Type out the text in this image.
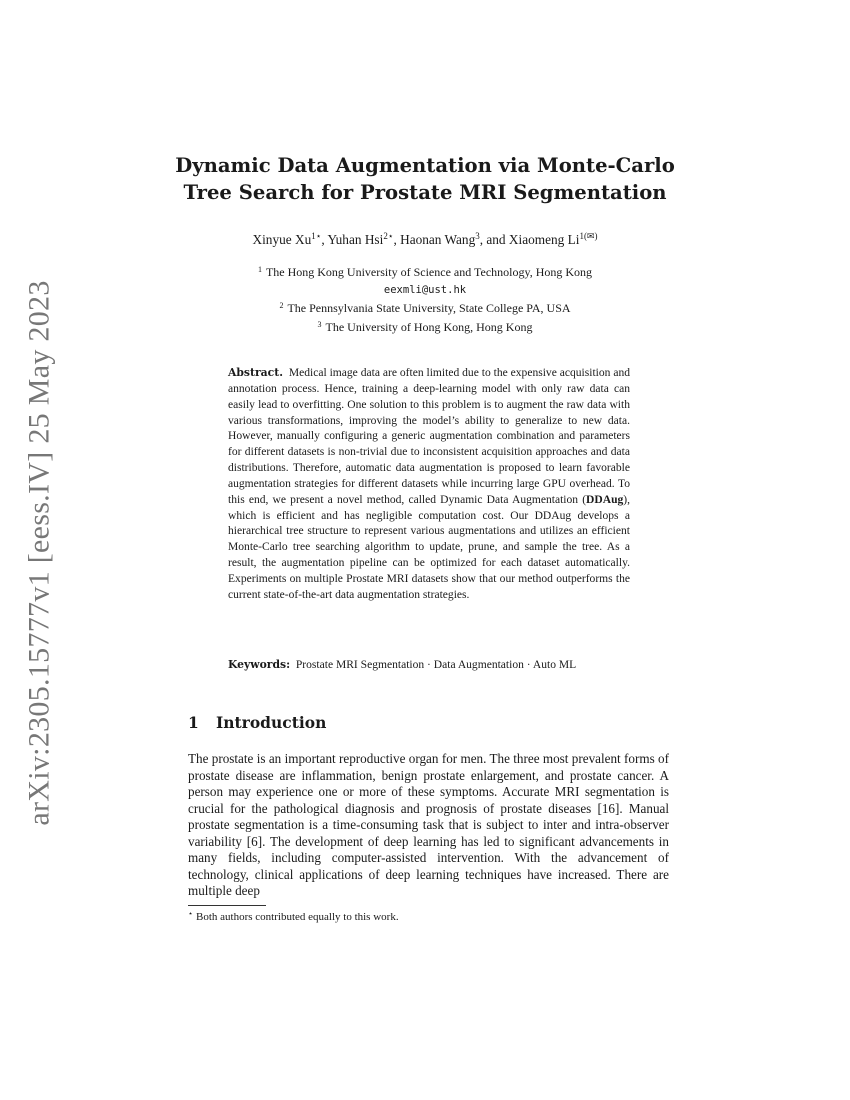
arXiv:2305.15777v1 [eess.IV] 25 May 2023
Dynamic Data Augmentation via Monte-Carlo
Tree Search for Prostate MRI Segmentation
Xinyue $Xu^{1⋆}$, Yuhan Hsi$^{2⋆}$, Haonan Wang$^3$, and Xiaomeng $Li^{1(✉)}$
$^1$ The Hong Kong University of Science and Technology, Hong Kong
eexmli@ust.hk
$^2$ The Pennsylvania State University, State College PA, USA
$^3$ The University of Hong Kong, Hong Kong

Abstract. Medical image data are often limited due to the expensive acquisition and annotation process. Hence, training a deep-learning model with only raw data can easily lead to overfitting. One solution to this problem is to augment the raw data with various transformations, improving the model’s ability to generalize to new data. However, manually configuring a generic augmentation combination and parameters for different datasets is non-trivial due to inconsistent acquisition approaches and data distributions. Therefore, automatic data augmentation is proposed to learn favorable augmentation strategies for different datasets while incurring large GPU overhead. To this end, we present a novel method, called Dynamic Data Augmentation (DDAug), which is efficient and has negligible computation cost. Our DDAug develops a hierarchical tree structure to represent various augmentations and utilizes an efficient Monte-Carlo tree searching algorithm to update, prune, and sample the tree. As a result, the augmentation pipeline can be optimized for each dataset automatically. Experiments on multiple Prostate MRI datasets show that our method outperforms the current state-of-the-art data augmentation strategies.

Keywords: Prostate MRI Segmentation · Data Augmentation · Auto ML

1 Introduction

The prostate is an important reproductive organ for men. The three most prevalent forms of prostate disease are inflammation, benign prostate enlargement, and prostate cancer. A person may experience one or more of these symptoms. Accurate MRI segmentation is crucial for the pathological diagnosis and prognosis of prostate diseases [16]. Manual prostate segmentation is a time-consuming task that is subject to inter and intra-observer variability [6]. The development of deep learning has led to significant advancements in many fields, including computer-assisted intervention. With the advancement of technology, clinical applications of deep learning techniques have increased. There are multiple deep

⋆ Both authors contributed equally to this work.
